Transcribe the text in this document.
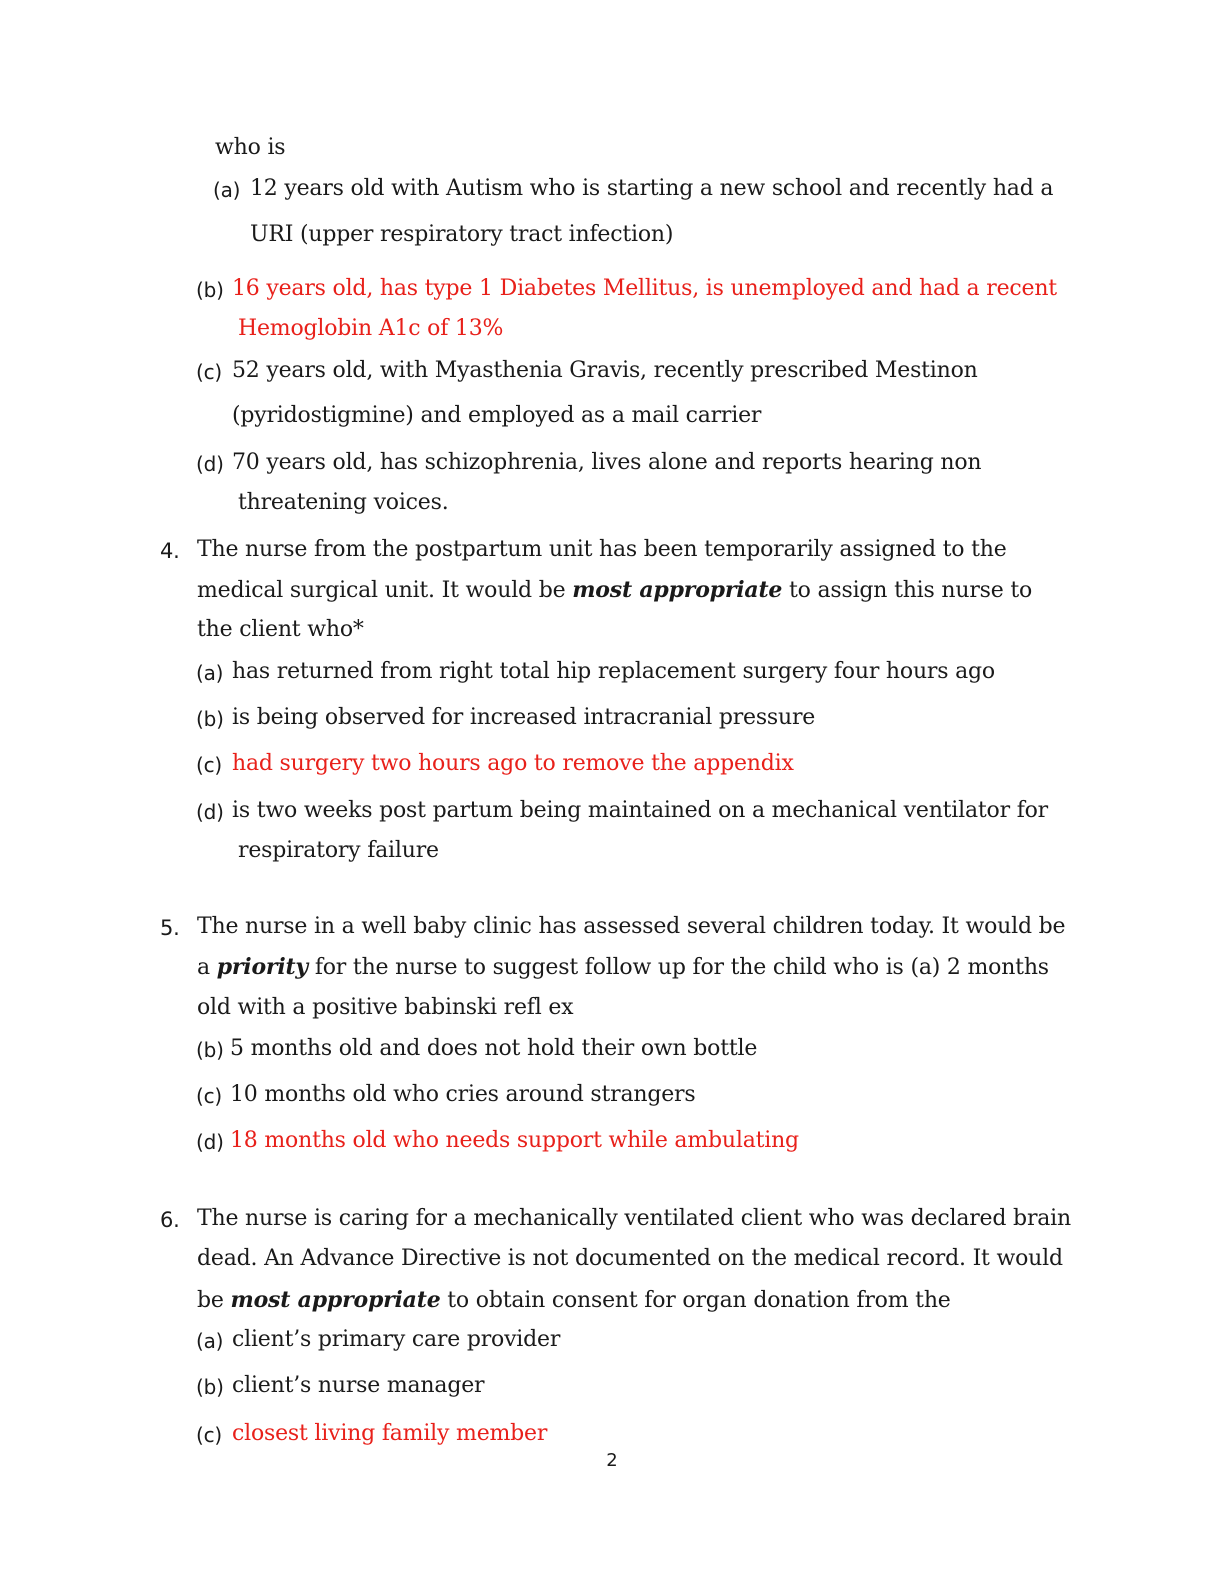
who is
(a) 12 years old with Autism who is starting a new school and recently had a
URI (upper respiratory tract infection)
(b) 16 years old, has type 1 Diabetes Mellitus, is unemployed and had a recent
Hemoglobin A1c of 13%
(c) 52 years old, with Myasthenia Gravis, recently prescribed Mestinon
(pyridostigmine) and employed as a mail carrier
(d) 70 years old, has schizophrenia, lives alone and reports hearing non
threatening voices.
4. The nurse from the postpartum unit has been temporarily assigned to the
medical surgical unit. It would be most appropriate to assign this nurse to
the client who*
(a) has returned from right total hip replacement surgery four hours ago
(b) is being observed for increased intracranial pressure
(c) had surgery two hours ago to remove the appendix
(d) is two weeks post partum being maintained on a mechanical ventilator for
respiratory failure
5. The nurse in a well baby clinic has assessed several children today. It would be
a priority for the nurse to suggest follow up for the child who is (a) 2 months
old with a positive babinski refl ex
(b) 5 months old and does not hold their own bottle
(c) 10 months old who cries around strangers
(d) 18 months old who needs support while ambulating
6. The nurse is caring for a mechanically ventilated client who was declared brain
dead. An Advance Directive is not documented on the medical record. It would
be most appropriate to obtain consent for organ donation from the
(a) client’s primary care provider
(b) client’s nurse manager
(c) closest living family member
2
